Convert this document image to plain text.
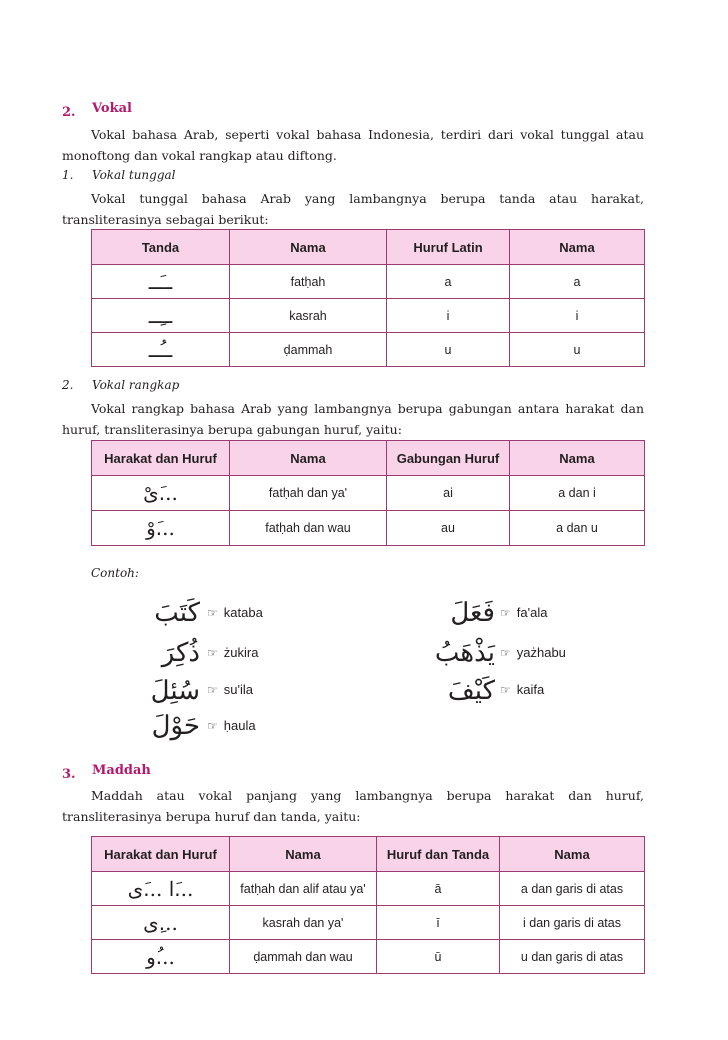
2. Vokal
Vokal bahasa Arab, seperti vokal bahasa Indonesia, terdiri dari vokal tunggal atau monoftong dan vokal rangkap atau diftong.
1. Vokal tunggal
Vokal tunggal bahasa Arab yang lambangnya berupa tanda atau harakat, transliterasinya sebagai berikut:
Tanda	Nama	Huruf Latin	Nama
ــَــ	fatḥah	a	a
ــِــ	kasrah	i	i
ــُــ	ḍammah	u	u
2. Vokal rangkap
Vokal rangkap bahasa Arab yang lambangnya berupa gabungan antara harakat dan huruf, transliterasinya berupa gabungan huruf, yaitu:
Harakat dan Huruf	Nama	Gabungan Huruf	Nama
...َىْ	fatḥah dan ya'	ai	a dan i
...َوْ	fatḥah dan wau	au	a dan u
Contoh:
كَتَبَ ☞ kataba
ذُكِرَ ☞ żukira
سُئِلَ ☞ su'ila
حَوْلَ ☞ ḥaula
فَعَلَ ☞ fa'ala
يَذْهَبُ ☞ yażhabu
كَيْفَ ☞ kaifa
3. Maddah
Maddah atau vokal panjang yang lambangnya berupa harakat dan huruf, transliterasinya berupa huruf dan tanda, yaitu:
Harakat dan Huruf	Nama	Huruf dan Tanda	Nama
...َا ...َى	fatḥah dan alif atau ya'	ā	a dan garis di atas
...ِى	kasrah dan ya'	ī	i dan garis di atas
...ُو	ḍammah dan wau	ū	u dan garis di atas
